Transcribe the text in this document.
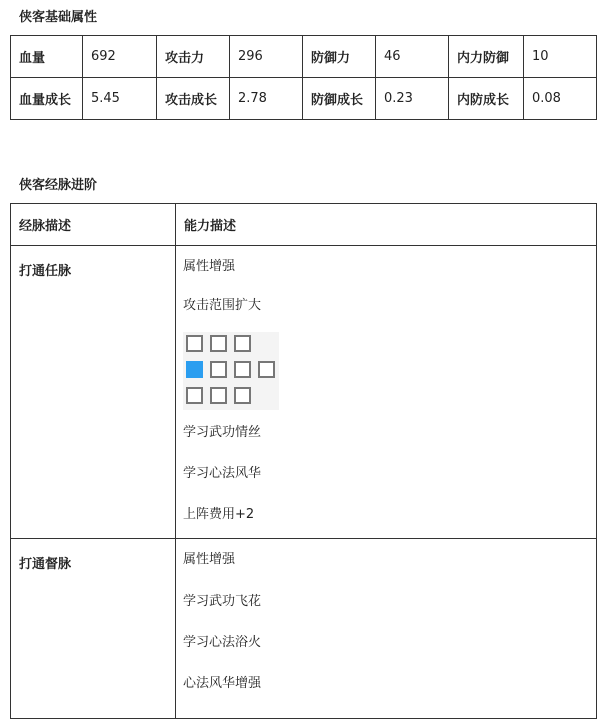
侠客基础属性
血量	692	攻击力	296	防御力	46	内力防御	10
血量成长	5.45	攻击成长	2.78	防御成长	0.23	内防成长	0.08
侠客经脉进阶
经脉描述	能力描述
打通任脉	属性增强
攻击范围扩大
学习武功情丝
学习心法风华
上阵费用+2

打通督脉	属性增强
学习武功飞花
学习心法浴火
心法风华增强
